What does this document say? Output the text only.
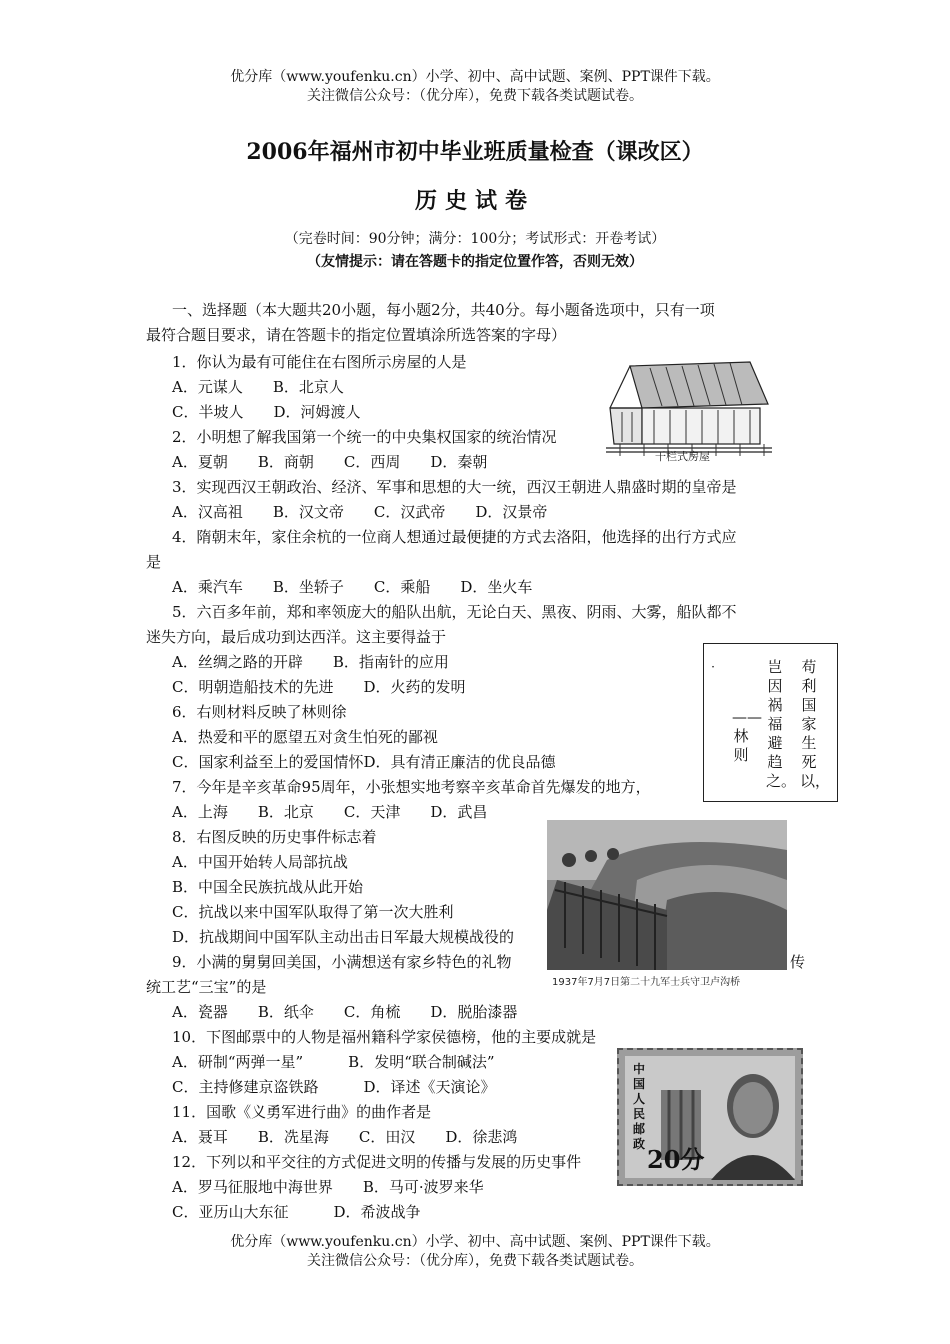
优分库（www.youfenku.cn）小学、初中、高中试题、案例、PPT课件下载。
关注微信公众号：（优分库），免费下载各类试题试卷。
2006年福州市初中毕业班质量检查（课改区）
历史试卷
（完卷时间：90分钟；满分：100分；考试形式：开卷考试）
（友情提示：请在答题卡的指定位置作答，否则无效）
一、选择题（本大题共20小题，每小题2分，共40分。每小题备选项中，只有一项
最符合题目要求，请在答题卡的指定位置填涂所选答案的字母）
干栏式房屋
1．你认为最有可能住在右图所示房屋的人是
A．元谋人　　B．北京人
C．半坡人　　D．河姆渡人
2．小明想了解我国第一个统一的中央集权国家的统治情况
A．夏朝　　B．商朝　　C．西周　　D．秦朝
3．实现西汉王朝政治、经济、军事和思想的大一统，西汉王朝进人鼎盛时期的皇帝是
A．汉高祖　　B．汉文帝　　C．汉武帝　　D．汉景帝
4．隋朝末年，家住余杭的一位商人想通过最便捷的方式去洛阳，他选择的出行方式应
是
A．乘汽车　　B．坐轿子　　C．乘船　　D．坐火车
5．六百多年前，郑和率领庞大的船队出航，无论白天、黑夜、阴雨、大雾，船队都不
迷失方向，最后成功到达西洋。这主要得益于
A．丝绸之路的开辟　　B．指南针的应用
C．明朝造船技术的先进　　D．火药的发明
6．右则材料反映了林则徐
A．热爱和平的愿望五对贪生怕死的鄙视
C．国家利益至上的爱国情怀D．具有清正廉洁的优良品德
7．今年是辛亥革命95周年，小张想实地考察辛亥革命首先爆发的地方，
A．上海　　B．北京　　C．天津　　D．武昌
苟利国家生死以，
岂因祸福避趋之。
——林则
·
8．右图反映的历史事件标志着
A．中国开始转人局部抗战
B．中国全民族抗战从此开始
C．抗战以来中国军队取得了第一次大胜利
D．抗战期间中国军队主动出击日军最大规模战役的
1937年7月7日第二十九军士兵守卫卢沟桥
9．小满的舅舅回美国，小满想送有家乡特色的礼物	传
统工艺“三宝”的是
A．瓷器　　B．纸伞　　C．角梳　　D．脱胎漆器
10．下图邮票中的人物是福州籍科学家侯德榜，他的主要成就是
A．研制“两弹一星”　　　B．发明“联合制碱法”
C．主持修建京盗铁路　　　D．译述《天演论》
中国人民邮政
20分
11．国歌《义勇军进行曲》的曲作者是
A．聂耳　　B．冼星海　　C．田汉　　D．徐悲鸿
12．下列以和平交往的方式促进文明的传播与发展的历史事件
A．罗马征服地中海世界　　B．马可·波罗来华
C．亚历山大东征　　　D．希波战争
优分库（www.youfenku.cn）小学、初中、高中试题、案例、PPT课件下载。
关注微信公众号：（优分库），免费下载各类试题试卷。
